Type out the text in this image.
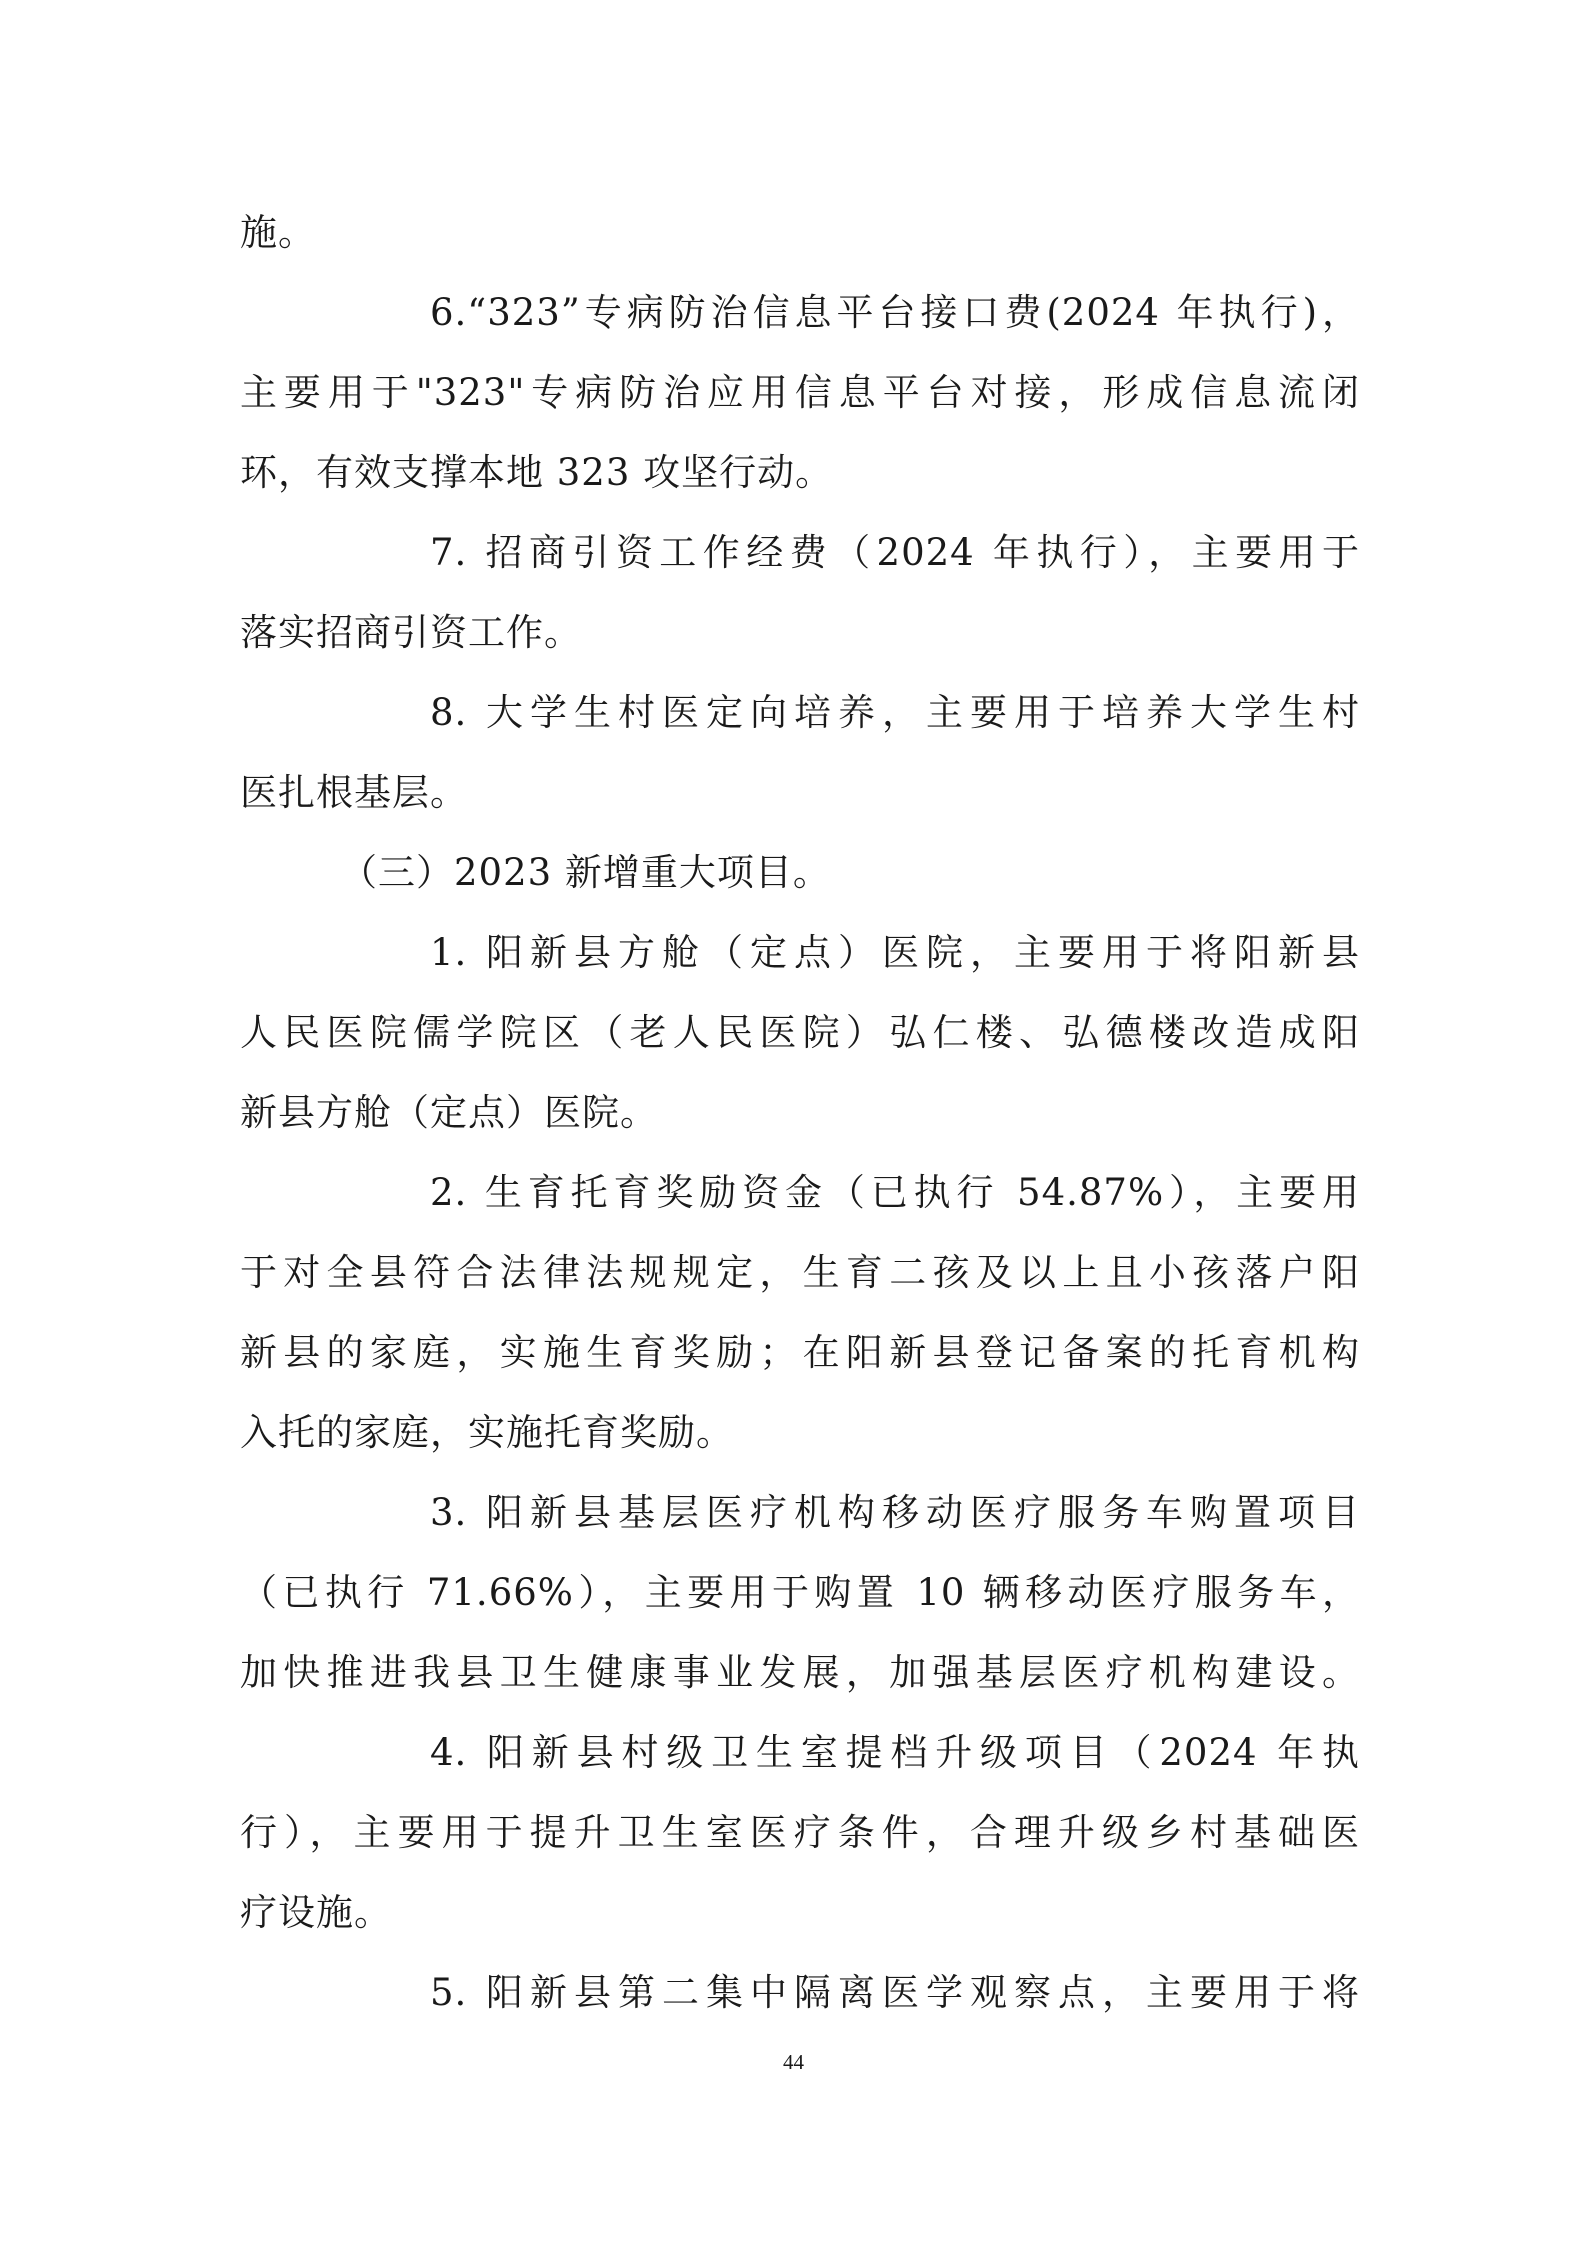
施。
6.“323”专病防治信息平台接口费(2024 年执行)，
主要用于"323"专病防治应用信息平台对接，形成信息流闭
环，有效支撑本地 323 攻坚行动。
7. 招商引资工作经费（2024 年执行），主要用于
落实招商引资工作。
8. 大学生村医定向培养，主要用于培养大学生村
医扎根基层。
（三）2023 新增重大项目。
1. 阳新县方舱（定点）医院，主要用于将阳新县
人民医院儒学院区（老人民医院）弘仁楼、弘德楼改造成阳
新县方舱（定点）医院。
2. 生育托育奖励资金（已执行 54.87%），主要用
于对全县符合法律法规规定，生育二孩及以上且小孩落户阳
新县的家庭，实施生育奖励；在阳新县登记备案的托育机构
入托的家庭，实施托育奖励。
3. 阳新县基层医疗机构移动医疗服务车购置项目
（已执行 71.66%），主要用于购置 10 辆移动医疗服务车，
加快推进我县卫生健康事业发展，加强基层医疗机构建设。
4. 阳新县村级卫生室提档升级项目（2024 年执
行），主要用于提升卫生室医疗条件，合理升级乡村基础医
疗设施。
5. 阳新县第二集中隔离医学观察点，主要用于将
44
